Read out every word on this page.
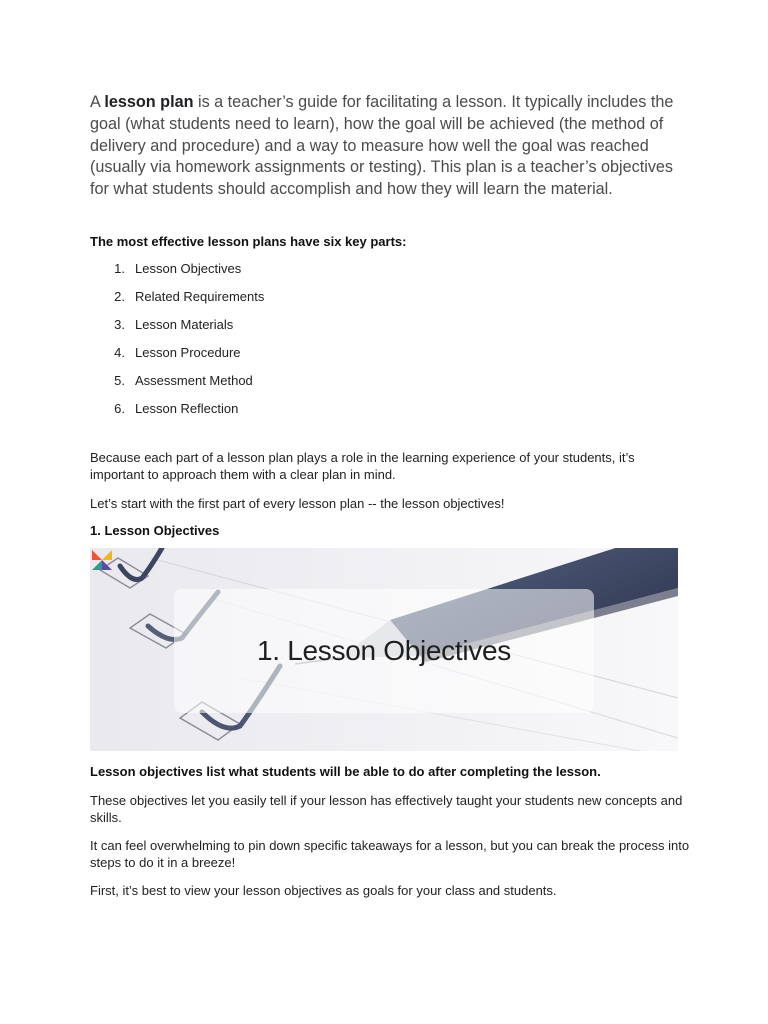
A lesson plan is a teacher’s guide for facilitating a lesson. It typically includes the goal (what students need to learn), how the goal will be achieved (the method of delivery and procedure) and a way to measure how well the goal was reached (usually via homework assignments or testing). This plan is a teacher’s objectives for what students should accomplish and how they will learn the material.

The most effective lesson plans have six key parts:

1. Lesson Objectives
2. Related Requirements
3. Lesson Materials
4. Lesson Procedure
5. Assessment Method
6. Lesson Reflection

Because each part of a lesson plan plays a role in the learning experience of your students, it’s important to approach them with a clear plan in mind.

Let’s start with the first part of every lesson plan -- the lesson objectives!

1. Lesson Objectives

1. Lesson Objectives

Lesson objectives list what students will be able to do after completing the lesson.

These objectives let you easily tell if your lesson has effectively taught your students new concepts and skills.

It can feel overwhelming to pin down specific takeaways for a lesson, but you can break the process into steps to do it in a breeze!

First, it’s best to view your lesson objectives as goals for your class and students.
